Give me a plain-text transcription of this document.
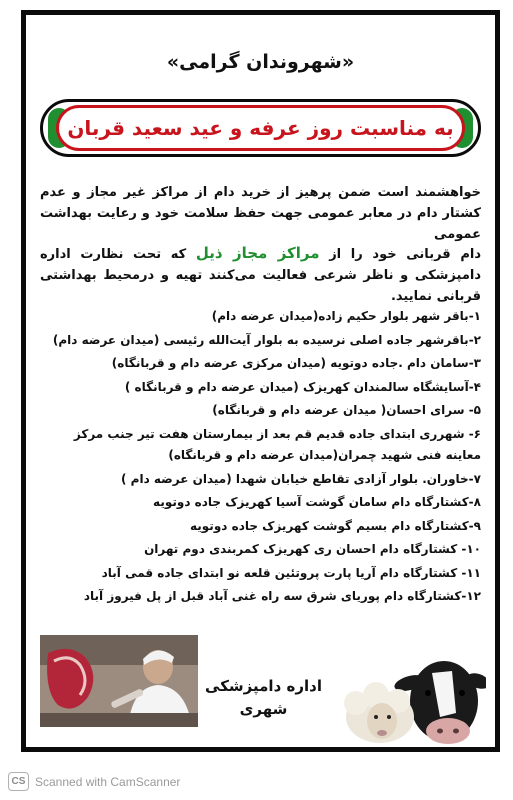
«شهروندان گرامی»
به مناسبت روز عرفه و عید سعید قربان
خواهشمند است ضمن پرهیز از خرید دام از مراکز غیر مجاز و عدم کشتار دام در معابر عمومی جهت حفظ سلامت خود و رعایت بهداشت عمومی
دام قربانی خود را از مراکز مجاز ذیل که تحت نظارت اداره دامپزشکی و ناظر شرعی فعالیت می‌کنند تهیه و درمحیط بهداشتی قربانی نمایید.
۱-باقر شهر بلوار حکیم زاده(میدان عرضه دام)
۲-باقرشهر جاده اصلی نرسیده به بلوار آیت‌الله رئیسی (میدان عرضه دام)
۳-سامان دام .جاده دوتویه (میدان مرکزی عرضه دام و قربانگاه)
۴-آسایشگاه سالمندان کهریزک (میدان عرضه دام و قربانگاه )
۵- سرای احسان( میدان عرضه دام و قربانگاه)
۶- شهرری ابتدای جاده قدیم قم بعد از بیمارستان هفت تیر جنب مرکز معاینه فنی شهید چمران(میدان عرضه دام و قربانگاه)
۷-خاوران. بلوار آزادی تقاطع خیابان شهدا (میدان عرضه دام )
۸-کشتارگاه دام سامان گوشت آسیا کهریزک جاده دوتویه
۹-کشتارگاه دام بسیم گوشت کهریزک جاده دوتویه
۱۰- کشتارگاه دام احسان ری کهریزک کمربندی دوم تهران
۱۱- کشتارگاه دام آریا پارت پروتئین قلعه نو ابتدای جاده قمی آباد
۱۲-کشتارگاه دام پوریای شرق سه راه غنی آباد قبل از پل فیروز آباد
اداره دامپزشکی
شهری
CS Scanned with CamScanner
